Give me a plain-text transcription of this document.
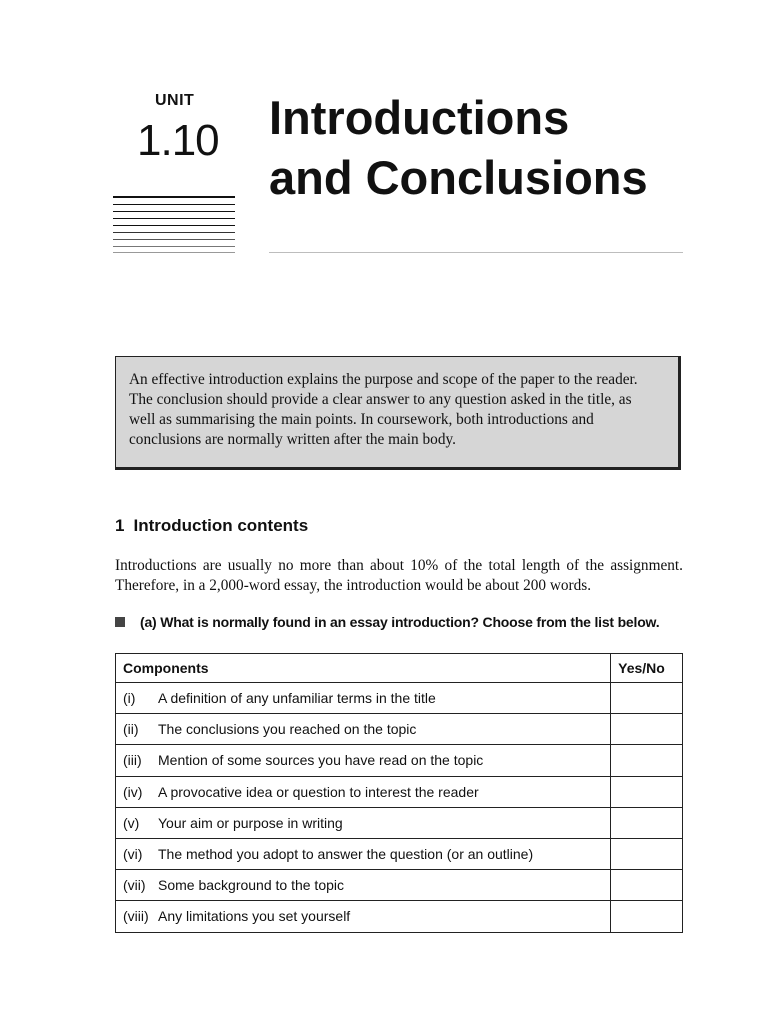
UNIT
1.10 Introductions
and Conclusions
An effective introduction explains the purpose and scope of the paper to the reader.
The conclusion should provide a clear answer to any question asked in the title, as
well as summarising the main points. In coursework, both introductions and
conclusions are normally written after the main body.
1 Introduction contents
Introductions are usually no more than about 10% of the total length of the assignment. Therefore, in a 2,000-word essay, the introduction would be about 200 words.
(a) What is normally found in an essay introduction? Choose from the list below.
Components	Yes/No
(i) A definition of any unfamiliar terms in the title	
(ii) The conclusions you reached on the topic	
(iii) Mention of some sources you have read on the topic	
(iv) A provocative idea or question to interest the reader	
(v) Your aim or purpose in writing	
(vi) The method you adopt to answer the question (or an outline)	
(vii) Some background to the topic	
(viii) Any limitations you set yourself	
